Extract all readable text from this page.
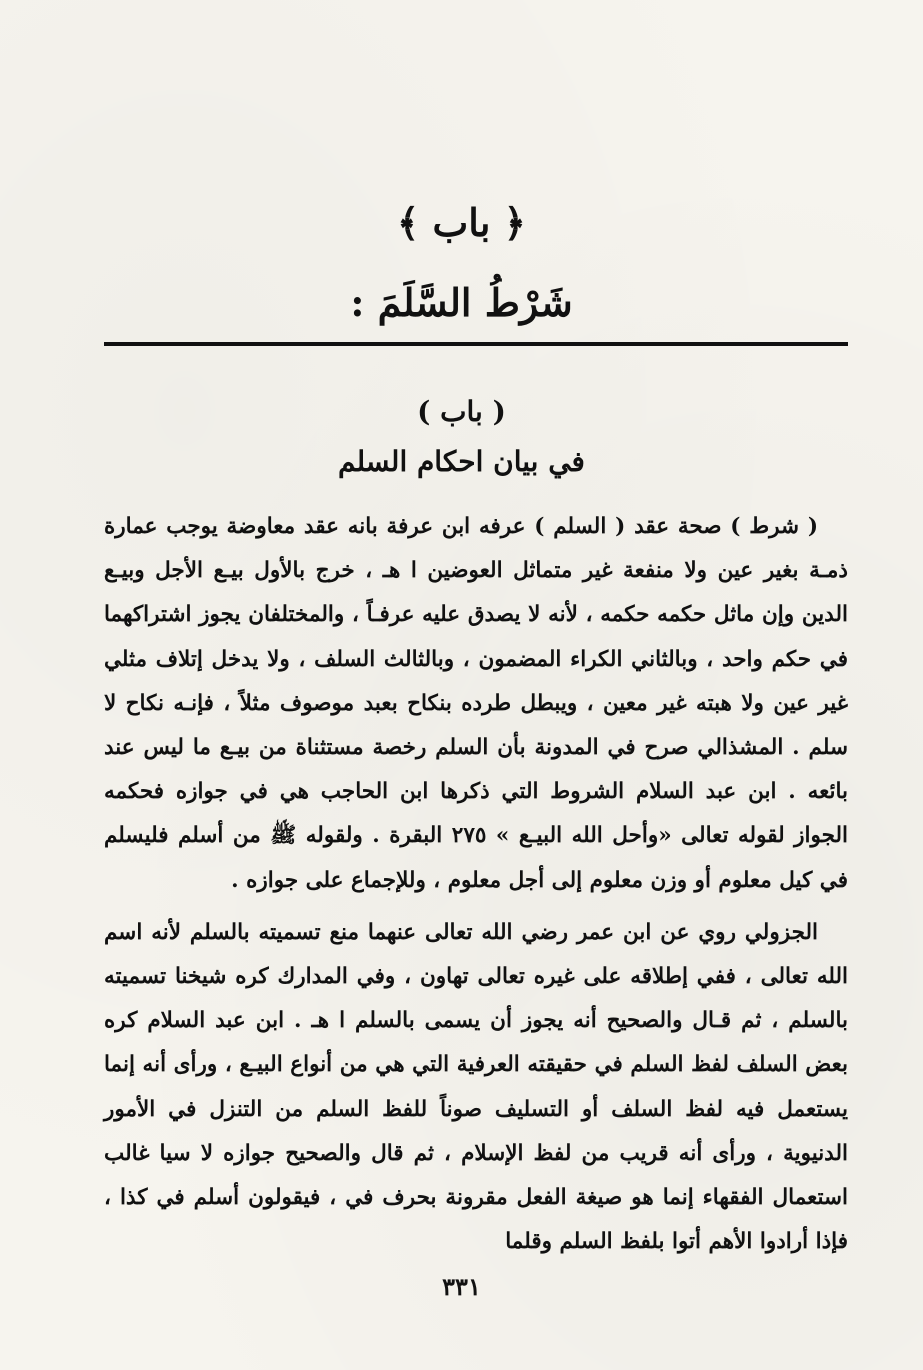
﴿ باب ﴾
شَرْطُ السَّلَمَ :
( باب )
في بيان احكام السلم

( شرط ) صحة عقد ( السلم ) عرفه ابن عرفة بانه عقد معاوضة يوجب عمارة ذمـة بغير عين ولا منفعة غير متماثل العوضين ا هـ ، خرج بالأول بيـع الأجل وبيـع الدين وإن ماثل حكمه حكمه ، لأنه لا يصدق عليه عرفـاً ، والمختلفان يجوز اشتراكهما في حكم واحد ، وبالثاني الكراء المضمون ، وبالثالث السلف ، ولا يدخل إتلاف مثلي غير عين ولا هبته غير معين ، ويبطل طرده بنكاح بعبد موصوف مثلاً ، فإنـه نكاح لا سلم . المشذالي صرح في المدونة بأن السلم رخصة مستثناة من بيـع ما ليس عند بائعه . ابن عبد السلام الشروط التي ذكرها ابن الحاجب هي في جوازه فحكمه الجواز لقوله تعالى «وأحل الله البيـع » ٢٧٥ البقرة . ولقوله ﷺ من أسلم فليسلم في كيل معلوم أو وزن معلوم إلى أجل معلوم ، وللإجماع على جوازه .

الجزولي روي عن ابن عمر رضي الله تعالى عنهما منع تسميته بالسلم لأنه اسم الله تعالى ، ففي إطلاقه على غيره تعالى تهاون ، وفي المدارك كره شيخنا تسميته بالسلم ، ثم قـال والصحيح أنه يجوز أن يسمى بالسلم ا هـ . ابن عبد السلام كره بعض السلف لفظ السلم في حقيقته العرفية التي هي من أنواع البيـع ، ورأى أنه إنما يستعمل فيه لفظ السلف أو التسليف صوناً للفظ السلم من التنزل في الأمور الدنيوية ، ورأى أنه قريب من لفظ الإسلام ، ثم قال والصحيح جوازه لا سيا غالب استعمال الفقهاء إنما هو صيغة الفعل مقرونة بحرف في ، فيقولون أسلم في كذا ، فإذا أرادوا الأهم أتوا بلفظ السلم وقلما

٣٣١
